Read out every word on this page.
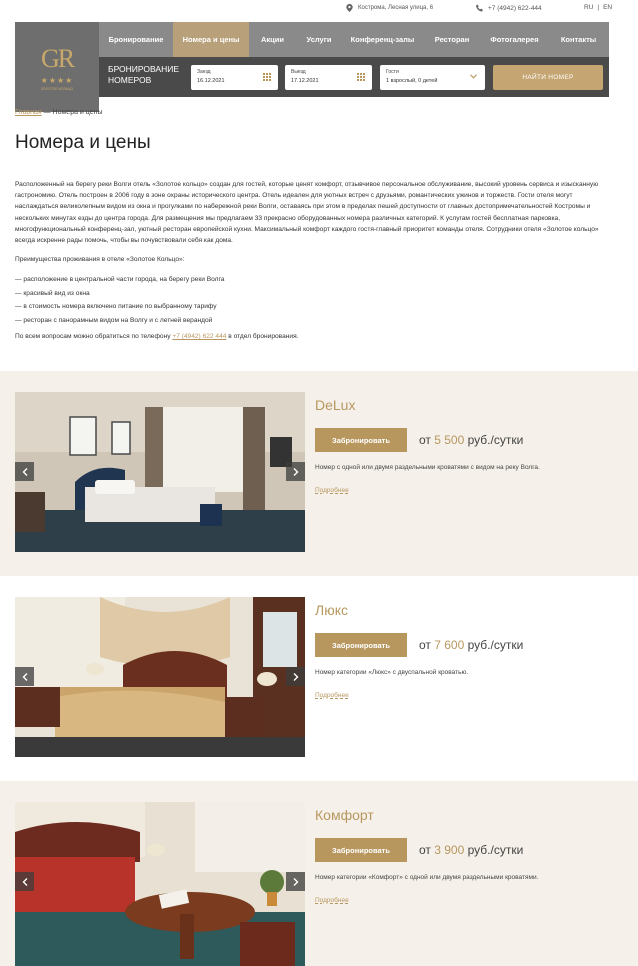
Кострома, Лесная улица, 6	+7 (4942) 622-444	RU | EN
GR
★★★★
ЗОЛОТОЕ КОЛЬЦО
Бронирование	Номера и цены	Акции	Услуги	Конференц-залы	Ресторан	Фотогалерея	Контакты
БРОНИРОВАНИЕ НОМЕРОВ
Заезд
16.12.2021
Выезд
17.12.2021
Гости
1 взрослый, 0 детей	НАЙТИ НОМЕР
Главная — Номера и цены
Номера и цены

Расположенный на берегу реки Волги отель «Золотое кольцо» создан для гостей, которые ценят комфорт, отзывчивое персональное обслуживание, высокий уровень сервиса и изысканную гастрономию. Отель построен в 2006 году в зоне охраны исторического центра. Отель идеален для уютных встреч с друзьями, романтических ужинов и торжеств. Гости отеля могут наслаждаться великолепным видом из окна и прогулками по набережной реки Волги, оставаясь при этом в пределах пешей доступности от главных достопримечательностей Костромы и нескольких минутах езды до центра города. Для размещения мы предлагаем 33 прекрасно оборудованных номера различных категорий. К услугам гостей бесплатная парковка, многофункциональный конференц-зал, уютный ресторан европейской кухни. Максимальный комфорт каждого гостя-главный приоритет команды отеля. Сотрудники отеля «Золотое кольцо» всегда искренне рады помочь, чтобы вы почувствовали себя как дома.

Преимущества проживания в отеле «Золотое Кольцо»:

— расположение в центральной части города, на берегу реки Волга
— красивый вид из окна
— в стоимость номера включено питание по выбранному тарифу
— ресторан с панорамным видом на Волгу и с летней верандой

По всем вопросам можно обратиться по телефону +7 (4942) 622 444 в отдел бронирования.

DeLux
Забронировать	от 5 500 руб./сутки
Номер с одной или двумя раздельными кроватями с видом на реку Волга.
Подробнее
Люкс
Забронировать	от 7 600 руб./сутки
Номер категории «Люкс» с двуспальной кроватью.
Подробнее
Комфорт
Забронировать	от 3 900 руб./сутки
Номер категории «Комфорт» с одной или двумя раздельными кроватями.
Подробнее
